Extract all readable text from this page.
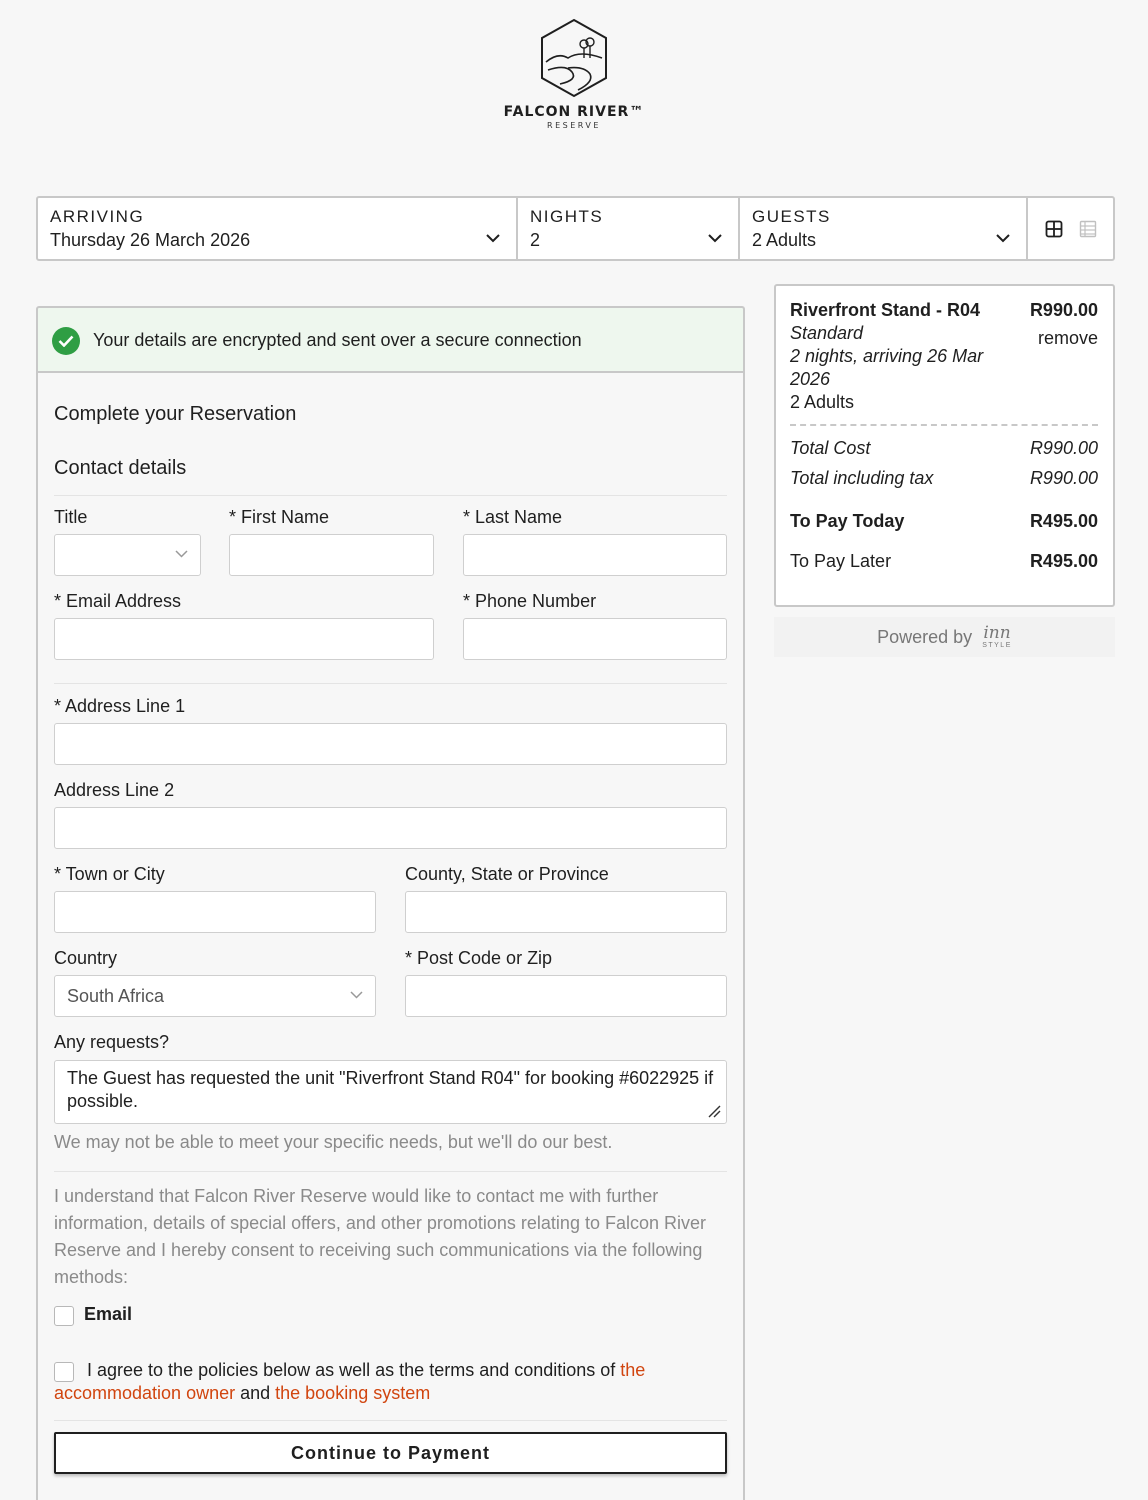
FALCON RIVER™
RESERVE
ARRIVING
Thursday 26 March 2026
NIGHTS
2
GUESTS
2 Adults
Your details are encrypted and sent over a secure connection
Complete your Reservation
Contact details
Title	* First Name	* Last Name
* Email Address	* Phone Number
* Address Line 1
Address Line 2
* Town or City	County, State or Province
Country
South Africa
* Post Code or Zip
Any requests?
The Guest has requested the unit "Riverfront Stand R04" for booking #6022925 if possible.
We may not be able to meet your specific needs, but we'll do our best.
I understand that Falcon River Reserve would like to contact me with further information, details of special offers, and other promotions relating to Falcon River Reserve and I hereby consent to receiving such communications via the following methods:
Email
I agree to the policies below as well as the terms and conditions of the accommodation owner and the booking system
Continue to Payment
Riverfront Stand - R04	R990.00
Standard	remove
2 nights, arriving 26 Mar
2026
2 Adults
Total Cost	R990.00
Total including tax	R990.00
To Pay Today	R495.00
To Pay Later	R495.00
Powered by inn
STYLE
